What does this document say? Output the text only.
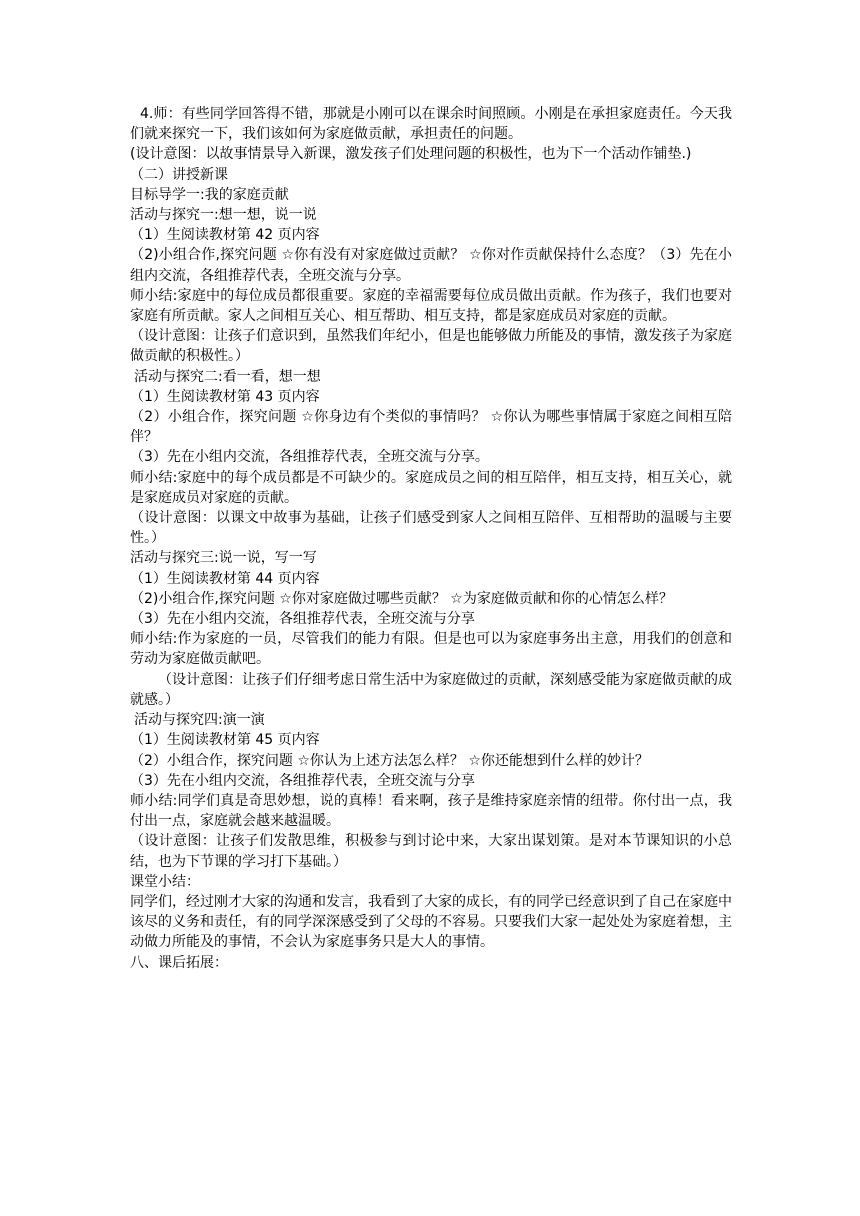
4.师：有些同学回答得不错，那就是小刚可以在课余时间照顾。小刚是在承担家庭责任。今天我们就来探究一下，我们该如何为家庭做贡献，承担责任的问题。

(设计意图：以故事情景导入新课，激发孩子们处理问题的积极性，也为下一个活动作铺垫.)

（二）讲授新课

目标导学一:我的家庭贡献

活动与探究一:想一想，说一说

（1）生阅读教材第 42 页内容

（2)小组合作,探究问题 ☆你有没有对家庭做过贡献？ ☆你对作贡献保持什么态度？（3）先在小组内交流，各组推荐代表，全班交流与分享。

师小结:家庭中的每位成员都很重要。家庭的幸福需要每位成员做出贡献。作为孩子，我们也要对家庭有所贡献。家人之间相互关心、相互帮助、相互支持，都是家庭成员对家庭的贡献。

（设计意图：让孩子们意识到，虽然我们年纪小，但是也能够做力所能及的事情，激发孩子为家庭做贡献的积极性。）

活动与探究二:看一看，想一想

（1）生阅读教材第 43 页内容

（2）小组合作，探究问题 ☆你身边有个类似的事情吗？ ☆你认为哪些事情属于家庭之间相互陪伴？

（3）先在小组内交流，各组推荐代表，全班交流与分享。

师小结:家庭中的每个成员都是不可缺少的。家庭成员之间的相互陪伴，相互支持，相互关心，就是家庭成员对家庭的贡献。

（设计意图：以课文中故事为基础，让孩子们感受到家人之间相互陪伴、互相帮助的温暖与主要性。）

活动与探究三:说一说，写一写

（1）生阅读教材第 44 页内容

（2)小组合作,探究问题 ☆你对家庭做过哪些贡献？ ☆为家庭做贡献和你的心情怎么样？

（3）先在小组内交流，各组推荐代表，全班交流与分享

师小结:作为家庭的一员，尽管我们的能力有限。但是也可以为家庭事务出主意，用我们的创意和劳动为家庭做贡献吧。

（设计意图：让孩子们仔细考虑日常生活中为家庭做过的贡献，深刻感受能为家庭做贡献的成就感。）

活动与探究四:演一演

（1）生阅读教材第 45 页内容

（2）小组合作，探究问题 ☆你认为上述方法怎么样？ ☆你还能想到什么样的妙计？

（3）先在小组内交流，各组推荐代表，全班交流与分享

师小结:同学们真是奇思妙想，说的真棒！看来啊，孩子是维持家庭亲情的纽带。你付出一点，我付出一点，家庭就会越来越温暖。

（设计意图：让孩子们发散思维，积极参与到讨论中来，大家出谋划策。是对本节课知识的小总结，也为下节课的学习打下基础。）

课堂小结：

同学们，经过刚才大家的沟通和发言，我看到了大家的成长，有的同学已经意识到了自己在家庭中该尽的义务和责任，有的同学深深感受到了父母的不容易。只要我们大家一起处处为家庭着想，主动做力所能及的事情，不会认为家庭事务只是大人的事情。

八、课后拓展：
